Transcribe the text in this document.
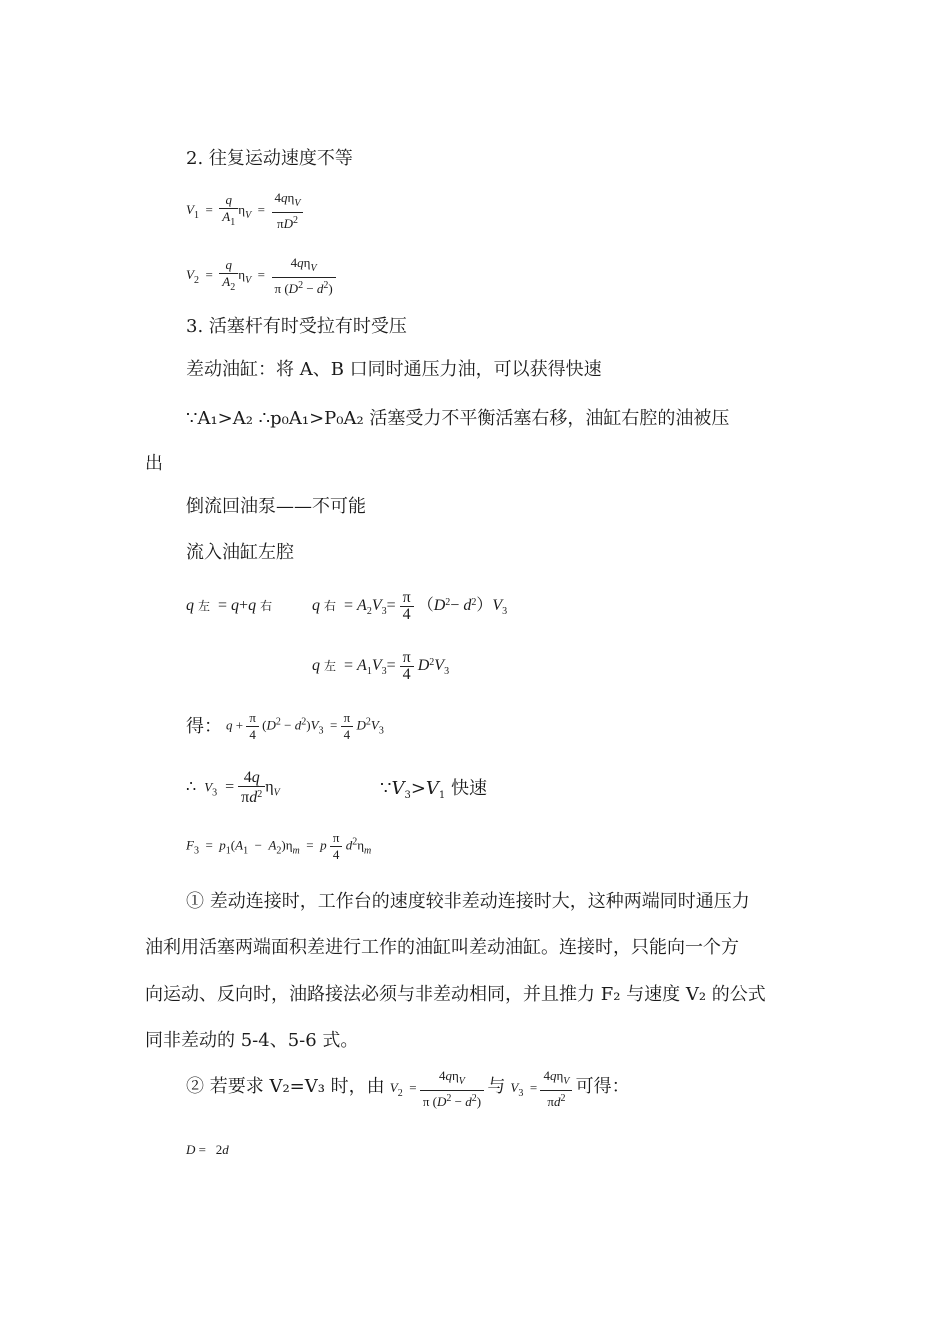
2. 往复运动速度不等
$V_1 = \frac{q}{A_1} \eta_V = \frac{4q\eta_V}{\pi D^2}$
$V_2 = \frac{q}{A_2} \eta_V = \frac{4q\eta_V}{\pi (D^2 - d^2)}$
3. 活塞杆有时受拉有时受压
差动油缸：将 A、B 口同时通压力油，可以获得快速
∵A₁>A₂ ∴p₀A₁>P₀A₂ 活塞受力不平衡活塞右移，油缸右腔的油被压
出
倒流回油泵——不可能
流入油缸左腔
q 左  = q+q 右 q 右  = $A_2V_3= \frac{\pi}{4} (D^2- d^2)V_3$
q 左  = $A_1V_3= \frac{\pi}{4} D^2V_3$
得： $q + \frac{\pi}{4} (D^2 - d^2)V_3 = \frac{\pi}{4} D^2V_3$
∴  $V_3 = \frac{4q}{\pi d^2} \eta_V$	$\because V_3>V_1$ 快速
$F_3 = p_1(A_1 - A_2)\eta_m = p \frac{\pi}{4} d^2\eta_m$
① 差动连接时，工作台的速度较非差动连接时大，这种两端同时通压力
油利用活塞两端面积差进行工作的油缸叫差动油缸。连接时，只能向一个方
向运动、反向时，油路接法必须与非差动相同，并且推力 F₂ 与速度 V₂ 的公式
同非差动的 5-4、5-6 式。
② 若要求 V₂=V₃ 时，由 $V_2 = \frac{4q\eta_V}{\pi (D^2 - d^2)}$ 与 $V_3 = \frac{4q\eta_V}{\pi d^2}$ 可得：
D =   2d
